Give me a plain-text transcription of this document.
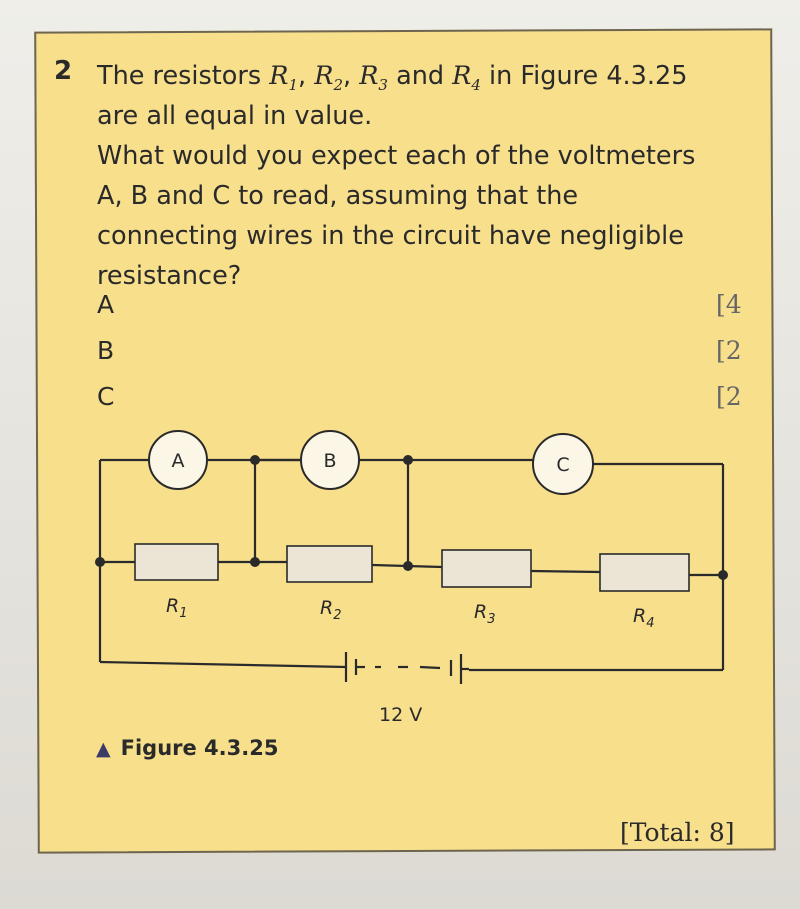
2 The resistors $R_1$, $R_2$, $R_3$ and $R_4$ in Figure 4.3.25
are all equal in value.
What would you expect each of the voltmeters
A, B and C to read, assuming that the
connecting wires in the circuit have negligible
resistance?
A	[4
B	[2
C	[2
12 V
A	B	C
$R_1$	$R_2$	$R_3$	$R_4$
▲ Figure 4.3.25
[Total: 8]
